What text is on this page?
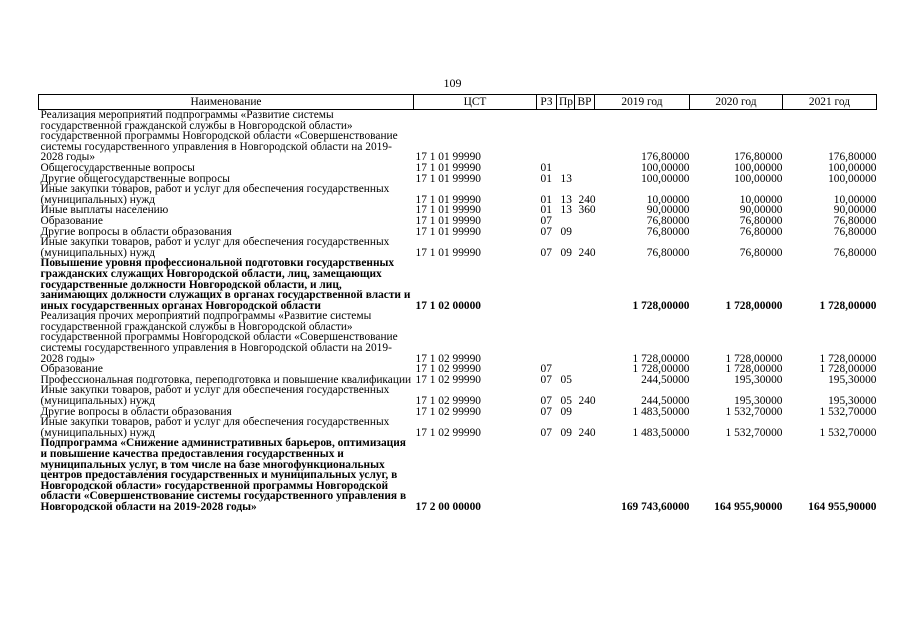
109
Наименование	ЦСТ	РЗ	Пр	ВР	2019 год	2020 год	2021 год
Реализация мероприятий подпрограммы «Развитие системы государственной гражданской службы в Новгородской области» государственной программы Новгородской области «Совершенствование системы государственного управления в Новгородской области на 2019-2028 годы»	17 1 01 99990				176,80000	176,80000	176,80000
Общегосударственные вопросы	17 1 01 99990	01			100,00000	100,00000	100,00000
Другие общегосударственные вопросы	17 1 01 99990	01	13		100,00000	100,00000	100,00000
Иные закупки товаров, работ и услуг для обеспечения государственных (муниципальных) нужд	17 1 01 99990	01	13	240	10,00000	10,00000	10,00000
Иные выплаты населению	17 1 01 99990	01	13	360	90,00000	90,00000	90,00000
Образование	17 1 01 99990	07			76,80000	76,80000	76,80000
Другие вопросы в области образования	17 1 01 99990	07	09		76,80000	76,80000	76,80000
Иные закупки товаров, работ и услуг для обеспечения государственных (муниципальных) нужд	17 1 01 99990	07	09	240	76,80000	76,80000	76,80000
Повышение уровня профессиональной подготовки государственных гражданских служащих Новгородской области, лиц, замещающих государственные должности Новгородской области, и лиц, занимающих должности служащих в органах государственной власти и иных государственных органах Новгородской области	17 1 02 00000				1 728,00000	1 728,00000	1 728,00000
Реализация прочих мероприятий подпрограммы «Развитие системы государственной гражданской службы в Новгородской области» государственной программы Новгородской области «Совершенствование системы государственного управления в Новгородской области на 2019-2028 годы»	17 1 02 99990				1 728,00000	1 728,00000	1 728,00000
Образование	17 1 02 99990	07			1 728,00000	1 728,00000	1 728,00000
Профессиональная подготовка, переподготовка и повышение квалификации	17 1 02 99990	07	05		244,50000	195,30000	195,30000
Иные закупки товаров, работ и услуг для обеспечения государственных (муниципальных) нужд	17 1 02 99990	07	05	240	244,50000	195,30000	195,30000
Другие вопросы в области образования	17 1 02 99990	07	09		1 483,50000	1 532,70000	1 532,70000
Иные закупки товаров, работ и услуг для обеспечения государственных (муниципальных) нужд	17 1 02 99990	07	09	240	1 483,50000	1 532,70000	1 532,70000
Подпрограмма «Снижение административных барьеров, оптимизация и повышение качества предоставления государственных и муниципальных услуг, в том числе на базе многофункциональных центров предоставления государственных и муниципальных услуг, в Новгородской области» государственной программы Новгородской области «Совершенствование системы государственного управления в Новгородской области на 2019-2028 годы»	17 2 00 00000				169 743,60000	164 955,90000	164 955,90000
